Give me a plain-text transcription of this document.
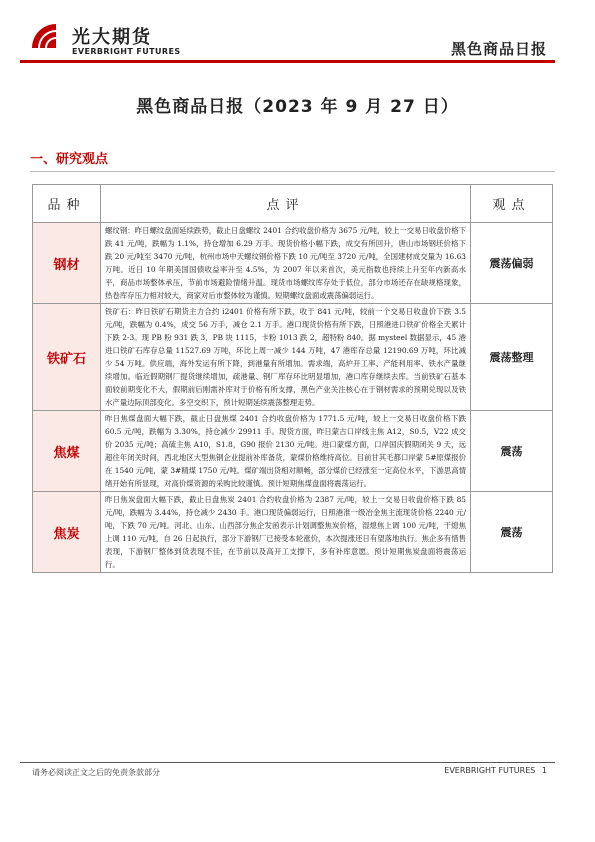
光大期货
EVERBRIGHT FUTURES	黑色商品日报
黑色商品日报（2023 年 9 月 27 日）
一、研究观点
品种	点评	观点
钢材	螺纹钢：昨日螺纹盘面延续跌势，截止日盘螺纹 2401 合约收盘价格为 3675 元/吨，较上一交易日收盘价格下跌 41 元/吨，跌幅为 1.1%，持仓增加 6.29 万手。现货价格小幅下跌，成交有所回升，唐山市场钢坯价格下跌 20 元/吨至 3470 元/吨，杭州市场中天螺纹钢价格下跌 10 元/吨至 3720 元/吨，全国建材成交量为 16.63 万吨。近日 10 年期美国国债收益率升至 4.5%，为 2007 年以来首次，美元指数也持续上升至年内新高水平，商品市场整体承压，节前市场避险情绪升温。现货市场螺纹库存处于低位，部分市场还存在缺规格现象，热卷库存压力相对较大，商家对后市整体较为谨慎。短期螺纹盘面或震荡偏弱运行。	震荡偏弱
铁矿石	铁矿石：昨日铁矿石期货主力合约 i2401 价格有所下跌，收于 841 元/吨，较前一个交易日收盘价下跌 3.5 元/吨，跌幅为 0.4%，成交 56 万手，减仓 2.1 万手。港口现货价格有所下跌，日照港进口铁矿价格全天累计下跌 2-3。现 PB 粉 931 跌 3，PB 块 1115，卡粉 1013 跌 2，超特粉 840。据 mysteel 数据显示，45 港进口铁矿石库存总量 11527.69 万吨，环比上周一减少 144 万吨，47 港库存总量 12190.69 万吨，环比减少 54 万吨。供应端，海外发运有所下降，到港量有所增加。需求端，高炉开工率、产能利用率、铁水产量继续增加。临近假期钢厂提货继续增加，疏港量、钢厂库存环比明显增加，港口库存继续去库。当前铁矿石基本面较前期变化不大，假期前后刚需补库对于价格有所支撑，黑色产业关注核心在于钢材需求的预期兑现以及铁水产量边际顶部变化。多空交织下，预计短期延续震荡整理走势。	震荡整理
焦煤	昨日焦煤盘面大幅下跌，截止日盘焦煤 2401 合约收盘价格为 1771.5 元/吨，较上一交易日收盘价格下跌 60.5 元/吨，跌幅为 3.30%，持仓减少 29911 手。现货方面，昨日蒙古口岸线主焦 A12，S0.5，V22 成交价 2035 元/吨；高硫主焦 A10，S1.8，G90 报价 2130 元/吨。进口蒙煤方面，口岸国庆假期闭关 9 天，远超往年闭关时间，西北地区大型焦钢企业提前补库备货，蒙煤价格维持高位。目前甘其毛都口岸蒙 5#原煤报价在 1540 元/吨，蒙 3#精煤 1750 元/吨。煤矿端出货相对顺畅，部分煤价已经涨至一定高位水平，下游思高情绪开始有所显现，对高价煤资源的采购比较谨慎。预计短期焦煤盘面将震荡运行。	震荡
焦炭	昨日焦炭盘面大幅下跌，截止日盘焦炭 2401 合约收盘价格为 2387 元/吨，较上一交易日收盘价格下跌 85 元/吨，跌幅为 3.44%，持仓减少 2430 手。港口现货偏弱运行，日照港准一级冶金焦主流现货价格 2240 元/吨，下跌 70 元/吨。河北、山东、山西部分焦企发函表示计划调整焦炭价格，湿熄焦上调 100 元/吨，干熄焦上调 110 元/吨，自 26 日起执行，部分下游钢厂已接受本轮涨价，本次提涨还日有望落地执行。焦企多有惜售表现，下游钢厂整体到货表现不佳，在节前以及高开工支撑下，多有补库意愿。预计短期焦炭盘面将震荡运行。	震荡
请务必阅读正文之后的免责条款部分	EVERBRIGHT FUTURES 1
